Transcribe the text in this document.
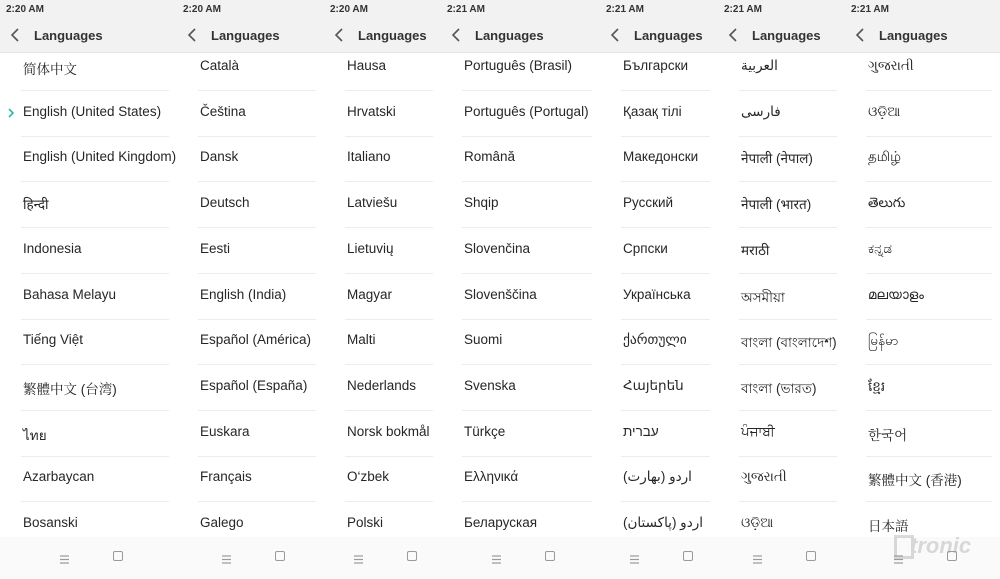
2:20 AM
Languages
简体中文
English (United States)
English (United Kingdom)
हिन्दी
Indonesia
Bahasa Melayu
Tiếng Việt
繁體中文 (台湾)
ไทย
Azarbaycan
Bosanski
2:20 AM
Languages
Català
Čeština
Dansk
Deutsch
Eesti
English (India)
Español (América)
Español (España)
Euskara
Français
Galego
2:20 AM
Languages
Hausa
Hrvatski
Italiano
Latviešu
Lietuvių
Magyar
Malti
Nederlands
Norsk bokmål
O‘zbek
Polski
2:21 AM
Languages
Português (Brasil)
Português (Portugal)
Română
Shqip
Slovenčina
Slovenščina
Suomi
Svenska
Türkçe
Ελληνικά
Беларуская
2:21 AM
Languages
Български
Қазақ тілі
Македонски
Русский
Српски
Українська
ქართული
Հայերեն
עברית
اردو (بھارت)
اردو (پاکستان)
2:21 AM
Languages
العربية
فارسی
नेपाली (नेपाल)
नेपाली (भारत)
मराठी
অসমীয়া
বাংলা (বাংলাদেশ)
বাংলা (ভারত)
ਪੰਜਾਬੀ
ગુજરાતી
ଓଡ଼ିଆ
2:21 AM
Languages
ગુજરાતી
ଓଡ଼ିଆ
தமிழ்
తెలుగు
ಕನ್ನಡ
മലയാളം
မြန်မာ
ខ្មែរ
한국어
繁體中文 (香港)
日本語
tronic
